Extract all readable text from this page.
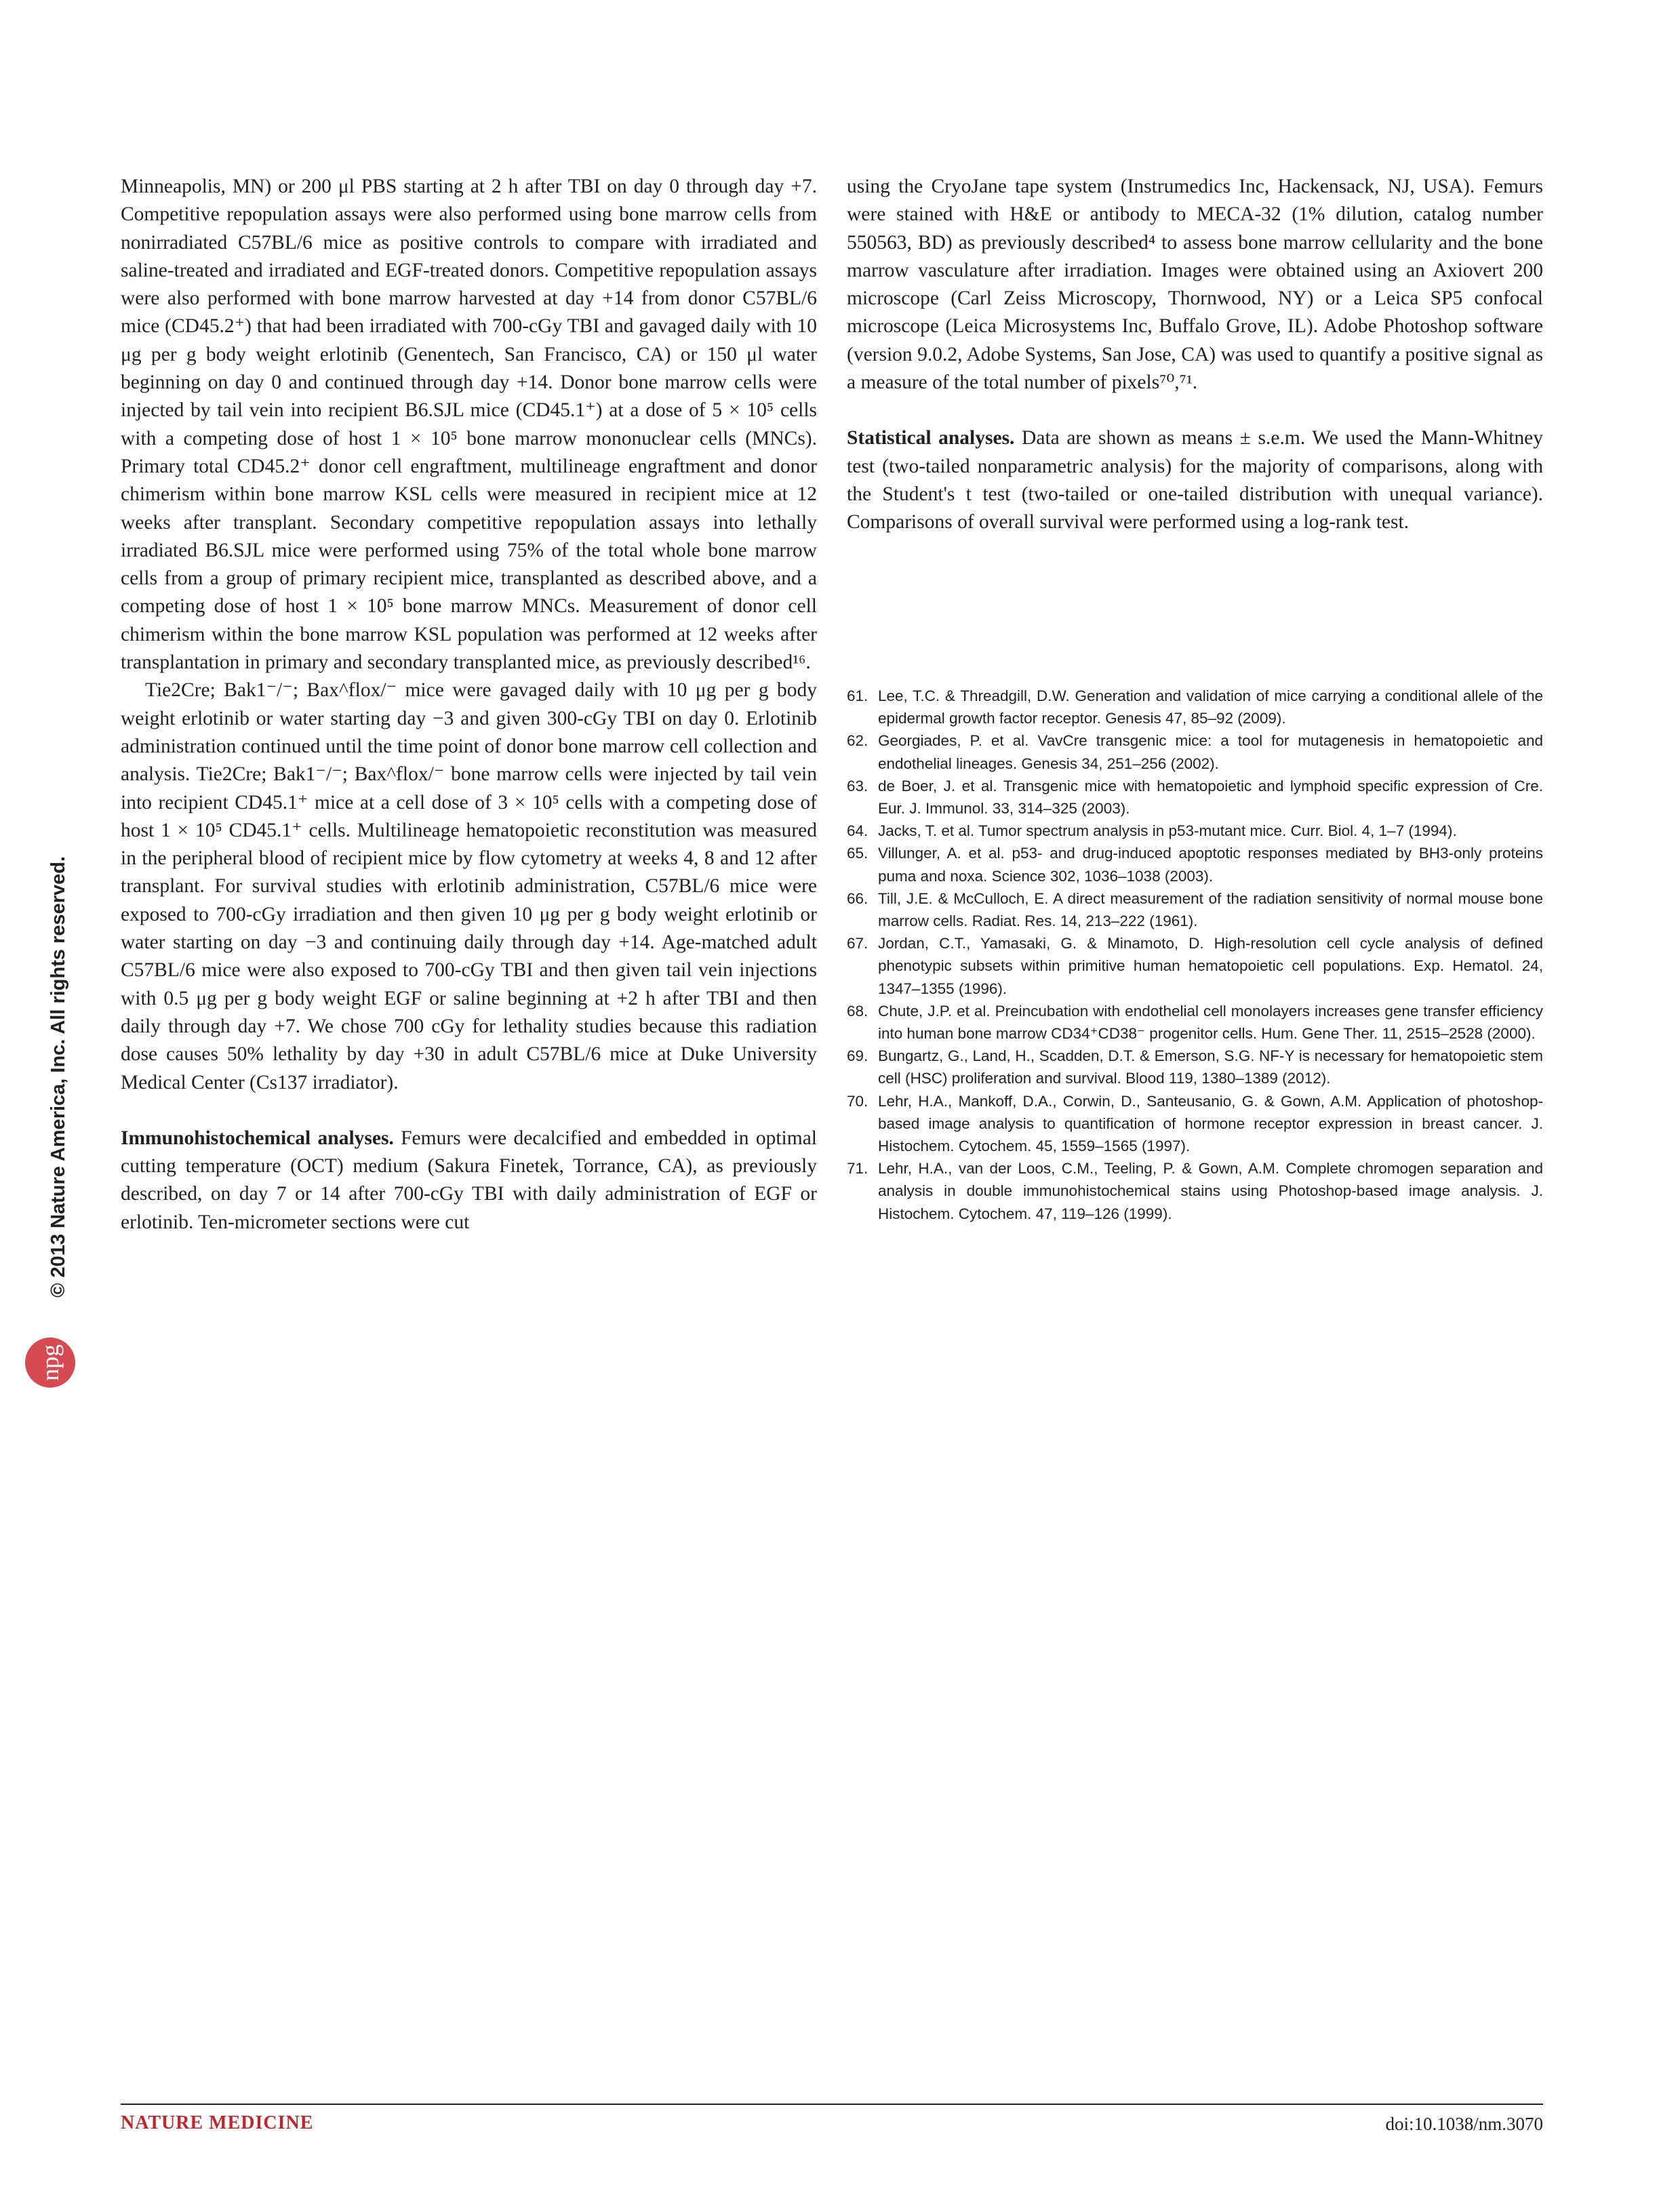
Minneapolis, MN) or 200 μl PBS starting at 2 h after TBI on day 0 through day +7. Competitive repopulation assays were also performed using bone marrow cells from nonirradiated C57BL/6 mice as positive controls to compare with irradiated and saline-treated and irradiated and EGF-treated donors. Competitive repopulation assays were also performed with bone marrow harvested at day +14 from donor C57BL/6 mice (CD45.2⁺) that had been irradiated with 700-cGy TBI and gavaged daily with 10 μg per g body weight erlotinib (Genentech, San Francisco, CA) or 150 μl water beginning on day 0 and continued through day +14. Donor bone marrow cells were injected by tail vein into recipient B6.SJL mice (CD45.1⁺) at a dose of 5 × 10⁵ cells with a competing dose of host 1 × 10⁵ bone marrow mononuclear cells (MNCs). Primary total CD45.2⁺ donor cell engraftment, multilineage engraftment and donor chimerism within bone marrow KSL cells were measured in recipient mice at 12 weeks after transplant. Secondary competitive repopulation assays into lethally irradiated B6.SJL mice were performed using 75% of the total whole bone marrow cells from a group of primary recipient mice, transplanted as described above, and a competing dose of host 1 × 10⁵ bone marrow MNCs. Measurement of donor cell chimerism within the bone marrow KSL population was performed at 12 weeks after transplantation in primary and secondary transplanted mice, as previously described¹⁶.

Tie2Cre; Bak1⁻/⁻; Bax^flox/⁻ mice were gavaged daily with 10 μg per g body weight erlotinib or water starting day −3 and given 300-cGy TBI on day 0. Erlotinib administration continued until the time point of donor bone marrow cell collection and analysis. Tie2Cre; Bak1⁻/⁻; Bax^flox/⁻ bone marrow cells were injected by tail vein into recipient CD45.1⁺ mice at a cell dose of 3 × 10⁵ cells with a competing dose of host 1 × 10⁵ CD45.1⁺ cells. Multilineage hematopoietic reconstitution was measured in the peripheral blood of recipient mice by flow cytometry at weeks 4, 8 and 12 after transplant. For survival studies with erlotinib administration, C57BL/6 mice were exposed to 700-cGy irradiation and then given 10 μg per g body weight erlotinib or water starting on day −3 and continuing daily through day +14. Age-matched adult C57BL/6 mice were also exposed to 700-cGy TBI and then given tail vein injections with 0.5 μg per g body weight EGF or saline beginning at +2 h after TBI and then daily through day +7. We chose 700 cGy for lethality studies because this radiation dose causes 50% lethality by day +30 in adult C57BL/6 mice at Duke University Medical Center (Cs137 irradiator).

Immunohistochemical analyses. Femurs were decalcified and embedded in optimal cutting temperature (OCT) medium (Sakura Finetek, Torrance, CA), as previously described, on day 7 or 14 after 700-cGy TBI with daily administration of EGF or erlotinib. Ten-micrometer sections were cut

using the CryoJane tape system (Instrumedics Inc, Hackensack, NJ, USA). Femurs were stained with H&E or antibody to MECA-32 (1% dilution, catalog number 550563, BD) as previously described⁴ to assess bone marrow cellularity and the bone marrow vasculature after irradiation. Images were obtained using an Axiovert 200 microscope (Carl Zeiss Microscopy, Thornwood, NY) or a Leica SP5 confocal microscope (Leica Microsystems Inc, Buffalo Grove, IL). Adobe Photoshop software (version 9.0.2, Adobe Systems, San Jose, CA) was used to quantify a positive signal as a measure of the total number of pixels⁷⁰,⁷¹.

Statistical analyses. Data are shown as means ± s.e.m. We used the Mann-Whitney test (two-tailed nonparametric analysis) for the majority of comparisons, along with the Student's t test (two-tailed or one-tailed distribution with unequal variance). Comparisons of overall survival were performed using a log-rank test.

61. Lee, T.C. & Threadgill, D.W. Generation and validation of mice carrying a conditional allele of the epidermal growth factor receptor. Genesis 47, 85–92 (2009).
62. Georgiades, P. et al. VavCre transgenic mice: a tool for mutagenesis in hematopoietic and endothelial lineages. Genesis 34, 251–256 (2002).
63. de Boer, J. et al. Transgenic mice with hematopoietic and lymphoid specific expression of Cre. Eur. J. Immunol. 33, 314–325 (2003).
64. Jacks, T. et al. Tumor spectrum analysis in p53-mutant mice. Curr. Biol. 4, 1–7 (1994).
65. Villunger, A. et al. p53- and drug-induced apoptotic responses mediated by BH3-only proteins puma and noxa. Science 302, 1036–1038 (2003).
66. Till, J.E. & McCulloch, E. A direct measurement of the radiation sensitivity of normal mouse bone marrow cells. Radiat. Res. 14, 213–222 (1961).
67. Jordan, C.T., Yamasaki, G. & Minamoto, D. High-resolution cell cycle analysis of defined phenotypic subsets within primitive human hematopoietic cell populations. Exp. Hematol. 24, 1347–1355 (1996).
68. Chute, J.P. et al. Preincubation with endothelial cell monolayers increases gene transfer efficiency into human bone marrow CD34⁺CD38⁻ progenitor cells. Hum. Gene Ther. 11, 2515–2528 (2000).
69. Bungartz, G., Land, H., Scadden, D.T. & Emerson, S.G. NF-Y is necessary for hematopoietic stem cell (HSC) proliferation and survival. Blood 119, 1380–1389 (2012).
70. Lehr, H.A., Mankoff, D.A., Corwin, D., Santeusanio, G. & Gown, A.M. Application of photoshop-based image analysis to quantification of hormone receptor expression in breast cancer. J. Histochem. Cytochem. 45, 1559–1565 (1997).
71. Lehr, H.A., van der Loos, C.M., Teeling, P. & Gown, A.M. Complete chromogen separation and analysis in double immunohistochemical stains using Photoshop-based image analysis. J. Histochem. Cytochem. 47, 119–126 (1999).
© 2013 Nature America, Inc. All rights reserved.
npg
NATURE MEDICINE	doi:10.1038/nm.3070
